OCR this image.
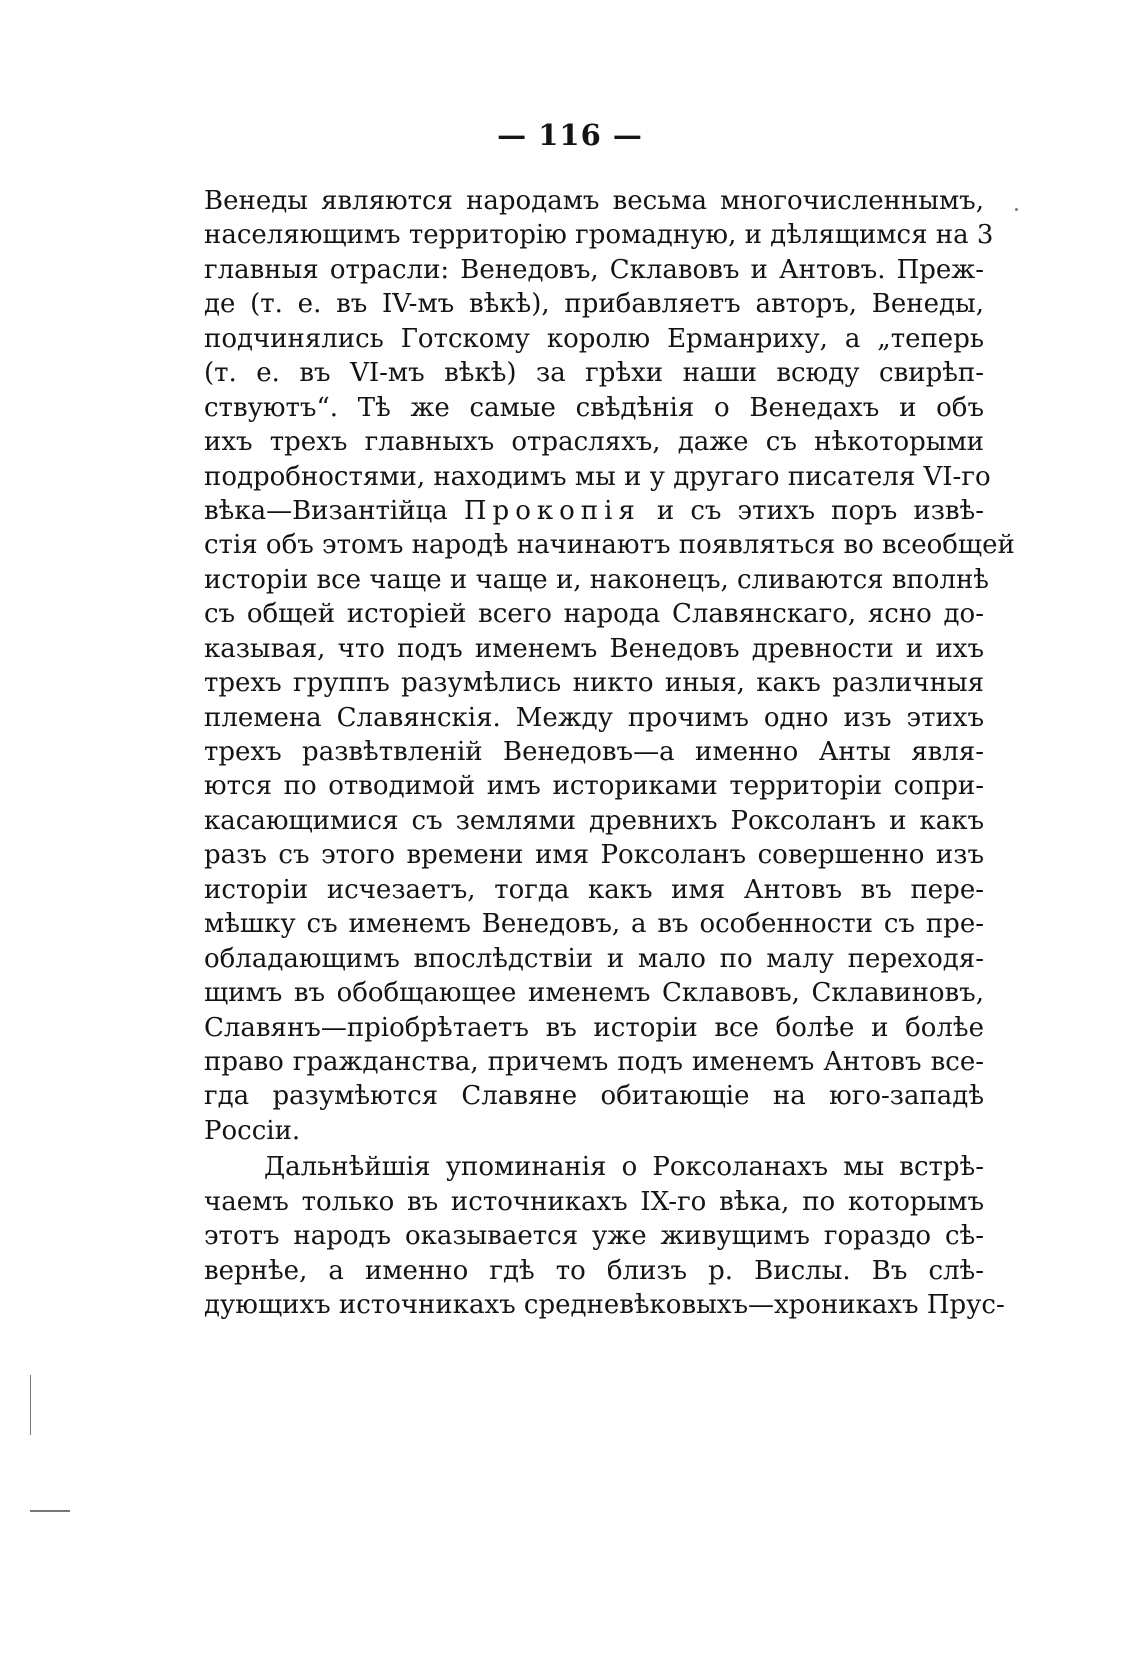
— 116 —
Венеды являются народамъ весьма многочисленнымъ,
населяющимъ территорію громадную, и дѣлящимся на 3
главныя отрасли: Венедовъ, Склавовъ и Антовъ. Преж-
де (т. е. въ IV-мъ вѣкѣ), прибавляетъ авторъ, Венеды,
подчинялись Готскому королю Ерманриху, а „теперь
(т. е. въ VI-мъ вѣкѣ) за грѣхи наши всюду свирѣп-
ствуютъ“. Тѣ же самые свѣдѣнія о Венедахъ и объ
ихъ трехъ главныхъ отрасляхъ, даже съ нѣкоторыми
подробностями, находимъ мы и у другаго писателя VI-го
вѣка—Византійца Прокопія и съ этихъ поръ извѣ-
стія объ этомъ народѣ начинаютъ появляться во всеобщей
исторіи все чаще и чаще и, наконецъ, сливаются вполнѣ
съ общей исторіей всего народа Славянскаго, ясно до-
казывая, что подъ именемъ Венедовъ древности и ихъ
трехъ группъ разумѣлись никто иныя, какъ различныя
племена Славянскія. Между прочимъ одно изъ этихъ
трехъ развѣтвленій Венедовъ—а именно Анты явля-
ются по отводимой имъ историками территоріи сопри-
касающимися съ землями древнихъ Роксоланъ и какъ
разъ съ этого времени имя Роксоланъ совершенно изъ
исторіи исчезаетъ, тогда какъ имя Антовъ въ пере-
мѣшку съ именемъ Венедовъ, а въ особенности съ пре-
обладающимъ впослѣдствіи и мало по малу переходя-
щимъ въ обобщающее именемъ Склавовъ, Склавиновъ,
Славянъ—пріобрѣтаетъ въ исторіи все болѣе и болѣе
право гражданства, причемъ подъ именемъ Антовъ все-
гда разумѣются Славяне обитающіе на юго-западѣ
Россіи.
Дальнѣйшія упоминанія о Роксоланахъ мы встрѣ-
чаемъ только въ источникахъ IX-го вѣка, по которымъ
этотъ народъ оказывается уже живущимъ гораздо сѣ-
вернѣе, а именно гдѣ то близъ р. Вислы. Въ слѣ-
дующихъ источникахъ средневѣковыхъ—хроникахъ Прус-
